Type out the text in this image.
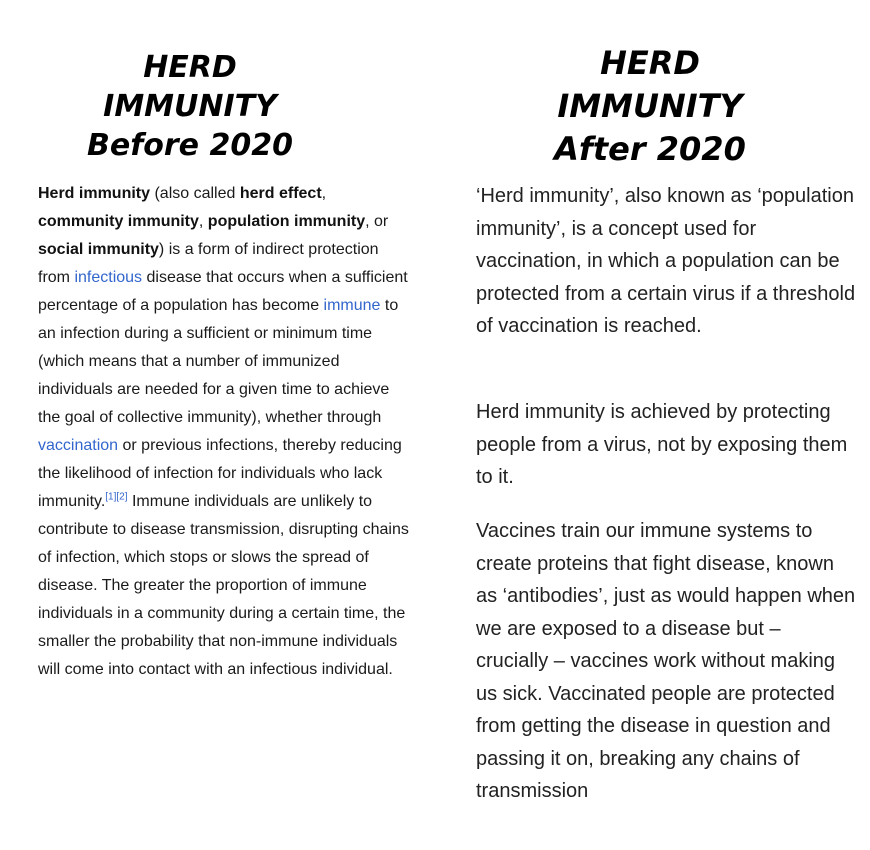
HERD
IMMUNITY
Before 2020

Herd immunity (also called herd effect, community immunity, population immunity, or social immunity) is a form of indirect protection from infectious disease that occurs when a sufficient percentage of a population has become immune to an infection during a sufficient or minimum time (which means that a number of immunized individuals are needed for a given time to achieve the goal of collective immunity), whether through vaccination or previous infections, thereby reducing the likelihood of infection for individuals who lack immunity.[1][2] Immune individuals are unlikely to contribute to disease transmission, disrupting chains of infection, which stops or slows the spread of disease. The greater the proportion of immune individuals in a community during a certain time, the smaller the probability that non-immune individuals will come into contact with an infectious individual.

HERD
IMMUNITY
After 2020

‘Herd immunity’, also known as ‘population immunity’, is a concept used for vaccination, in which a population can be protected from a certain virus if a threshold of vaccination is reached.

Herd immunity is achieved by protecting people from a virus, not by exposing them to it.

Vaccines train our immune systems to create proteins that fight disease, known as ‘antibodies’, just as would happen when we are exposed to a disease but – crucially – vaccines work without making us sick. Vaccinated people are protected from getting the disease in question and passing it on, breaking any chains of transmission
